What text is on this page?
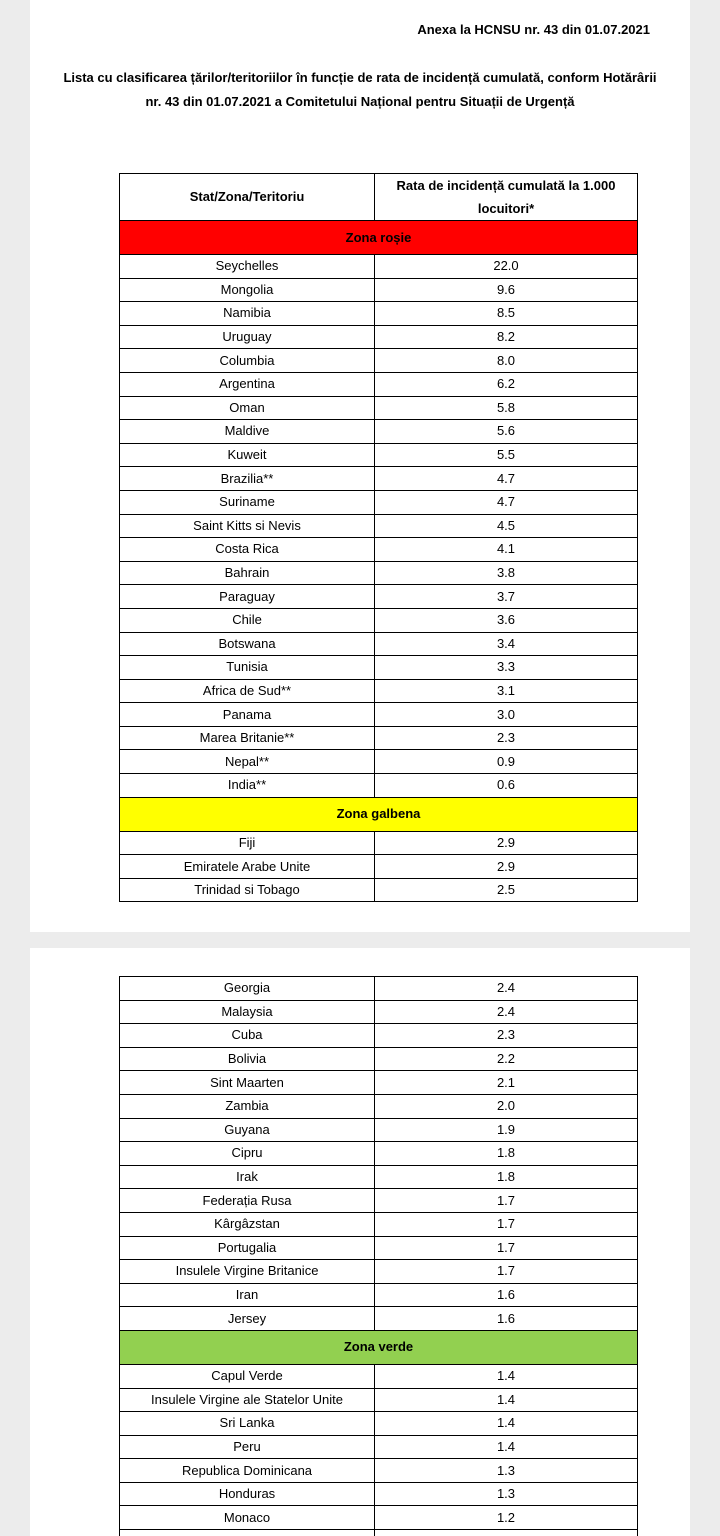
Anexa la HCNSU nr. 43 din 01.07.2021
Lista cu clasificarea țărilor/teritoriilor în funcție de rata de incidență cumulată, conform Hotărârii nr. 43 din 01.07.2021 a Comitetului Național pentru Situații de Urgență
Stat/Zona/Teritoriu	Rata de incidență cumulată la 1.000 locuitori*
Zona roșie	
Seychelles	22.0
Mongolia	9.6
Namibia	8.5
Uruguay	8.2
Columbia	8.0
Argentina	6.2
Oman	5.8
Maldive	5.6
Kuweit	5.5
Brazilia**	4.7
Suriname	4.7
Saint Kitts si Nevis	4.5
Costa Rica	4.1
Bahrain	3.8
Paraguay	3.7
Chile	3.6
Botswana	3.4
Tunisia	3.3
Africa de Sud**	3.1
Panama	3.0
Marea Britanie**	2.3
Nepal**	0.9
India**	0.6
Zona galbena	
Fiji	2.9
Emiratele Arabe Unite	2.9
Trinidad si Tobago	2.5
Georgia	2.4
Malaysia	2.4
Cuba	2.3
Bolivia	2.2
Sint Maarten	2.1
Zambia	2.0
Guyana	1.9
Cipru	1.8
Irak	1.8
Federația Rusa	1.7
Kârgâzstan	1.7
Portugalia	1.7
Insulele Virgine Britanice	1.7
Iran	1.6
Jersey	1.6
Zona verde	
Capul Verde	1.4
Insulele Virgine ale Statelor Unite	1.4
Sri Lanka	1.4
Peru	1.4
Republica Dominicana	1.3
Honduras	1.3
Monaco	1.2
